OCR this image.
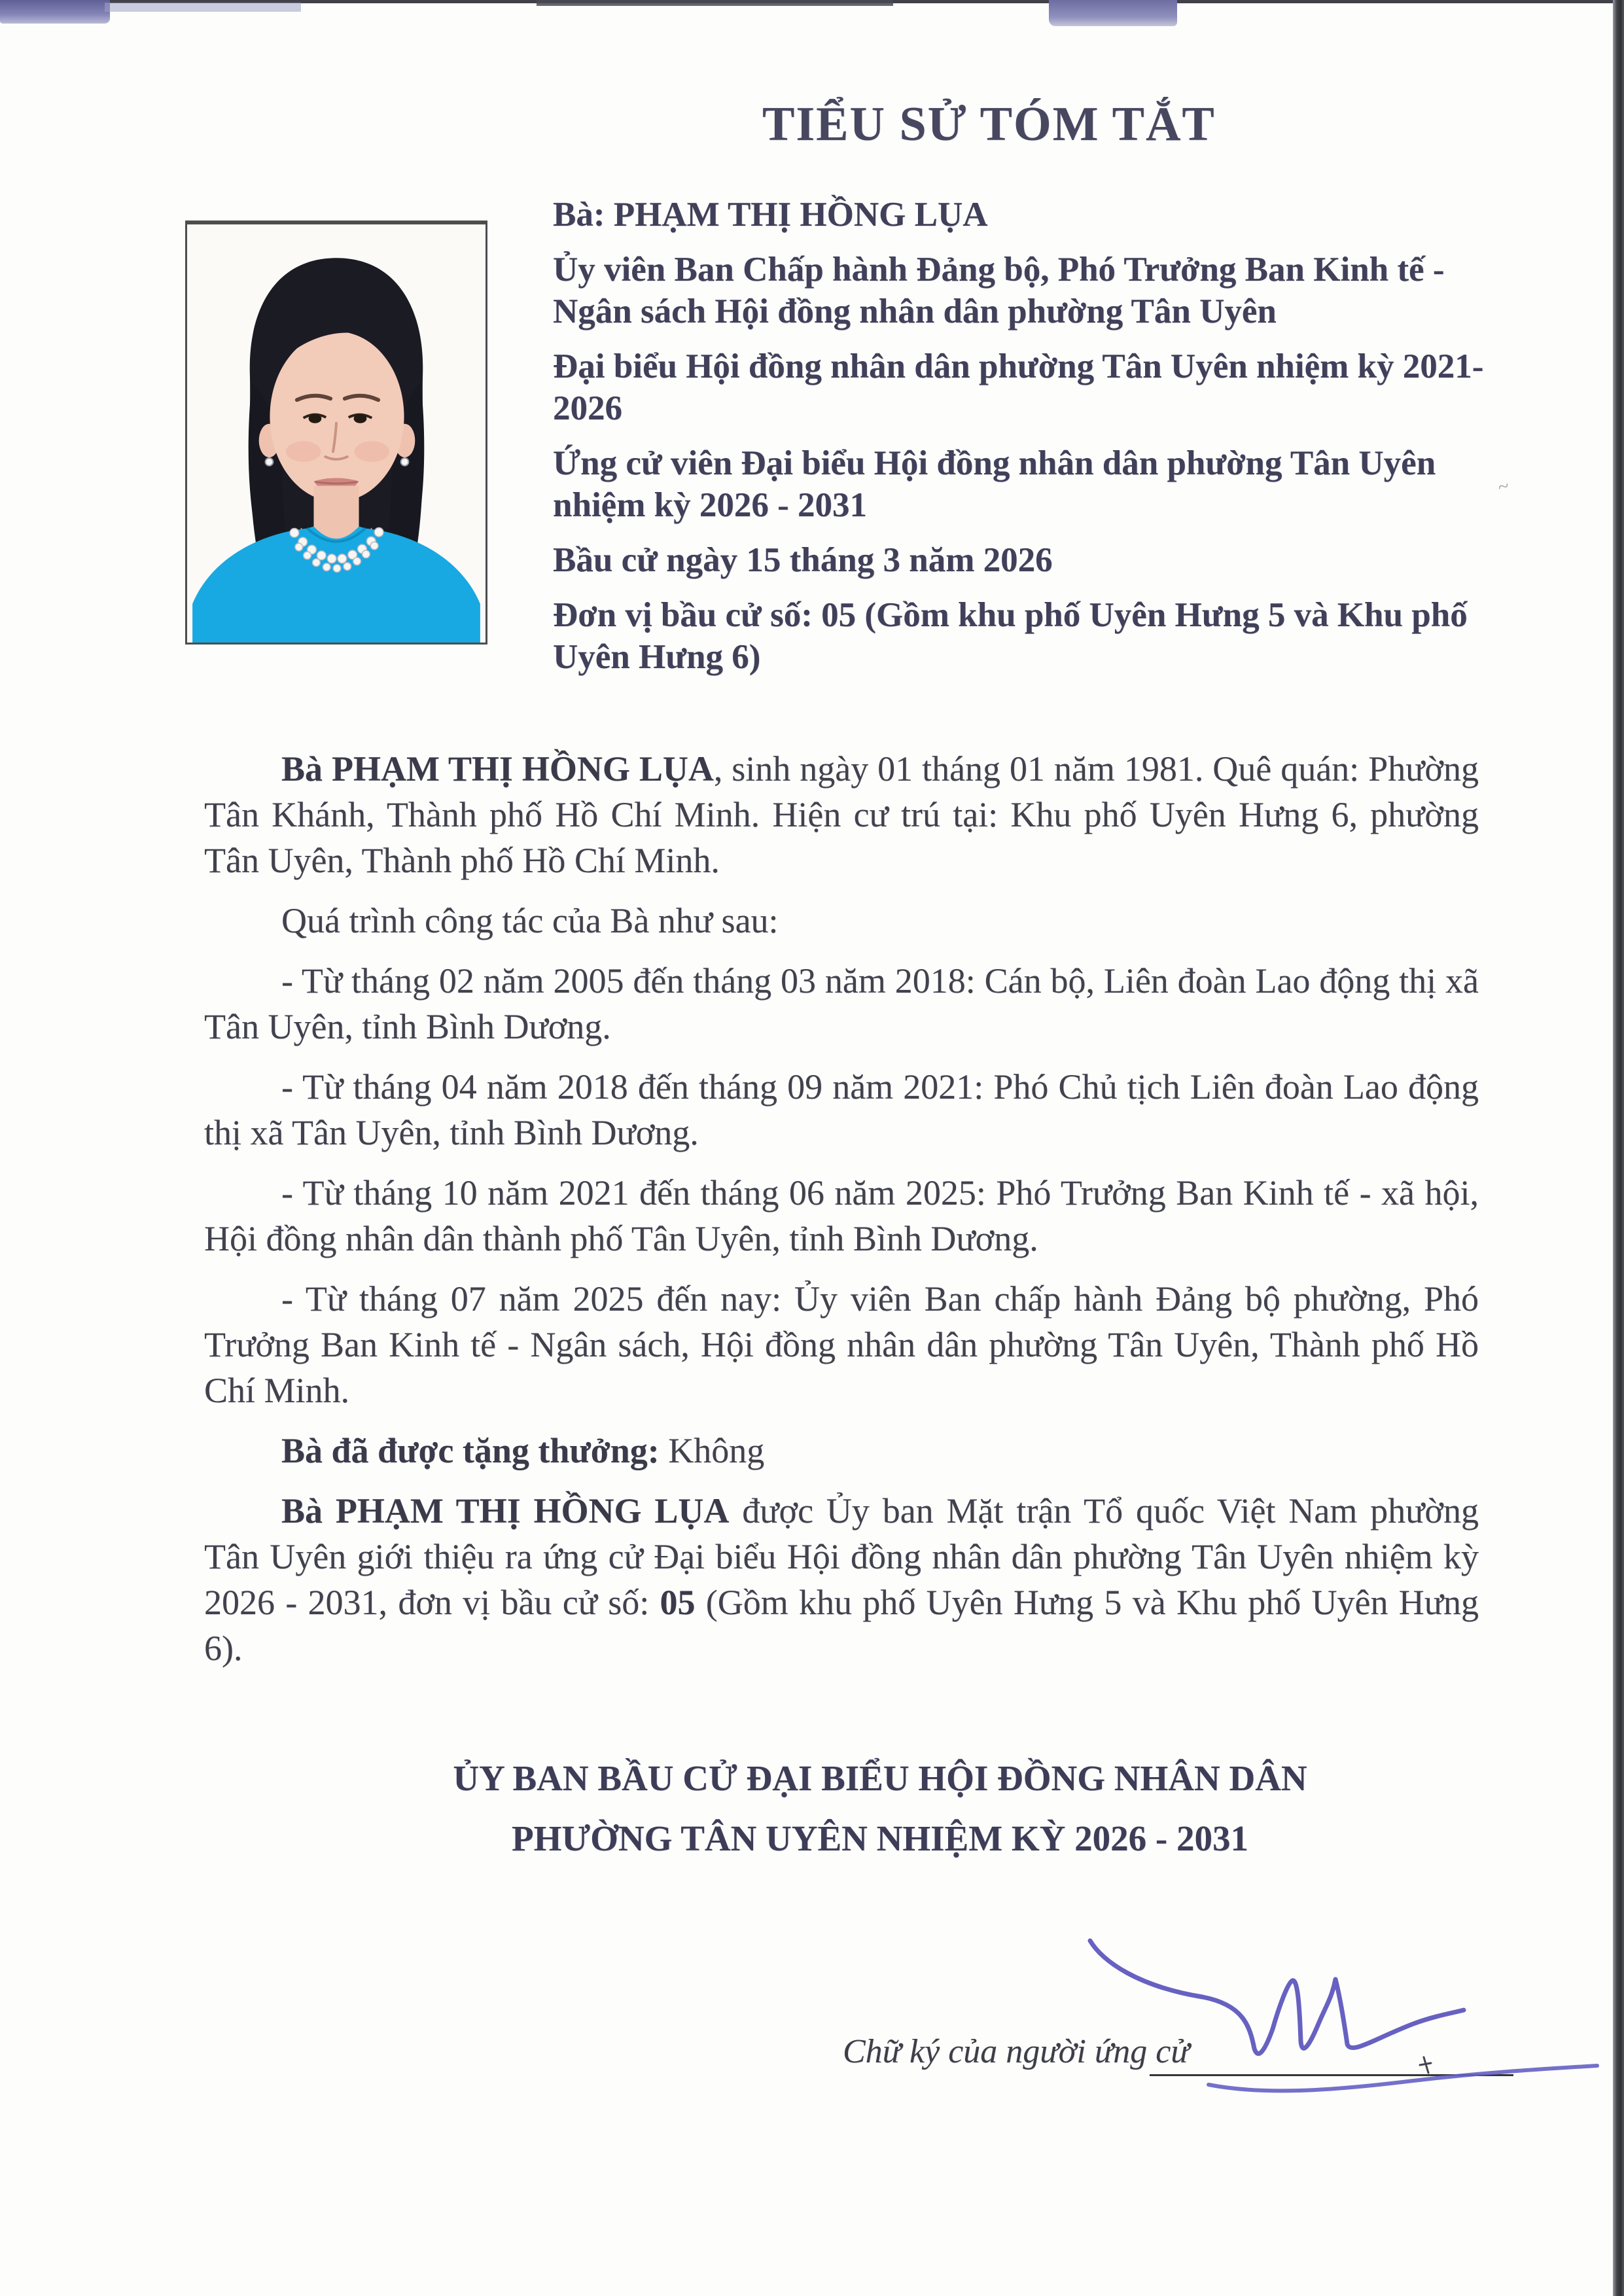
~
TIỂU SỬ TÓM TẮT

Bà: PHẠM THỊ HỒNG LỤA

Ủy viên Ban Chấp hành Đảng bộ, Phó Trưởng Ban Kinh tế - Ngân sách Hội đồng nhân dân phường Tân Uyên

Đại biểu Hội đồng nhân dân phường Tân Uyên nhiệm kỳ 2021-2026

Ứng cử viên Đại biểu Hội đồng nhân dân phường Tân Uyên nhiệm kỳ 2026 - 2031

Bầu cử ngày 15 tháng 3 năm 2026

Đơn vị bầu cử số: 05 (Gồm khu phố Uyên Hưng 5 và Khu phố Uyên Hưng 6)

Bà PHẠM THỊ HỒNG LỤA, sinh ngày 01 tháng 01 năm 1981. Quê quán: Phường Tân Khánh, Thành phố Hồ Chí Minh. Hiện cư trú tại: Khu phố Uyên Hưng 6, phường Tân Uyên, Thành phố Hồ Chí Minh.

Quá trình công tác của Bà như sau:

- Từ tháng 02 năm 2005 đến tháng 03 năm 2018: Cán bộ, Liên đoàn Lao động thị xã Tân Uyên, tỉnh Bình Dương.

- Từ tháng 04 năm 2018 đến tháng 09 năm 2021: Phó Chủ tịch Liên đoàn Lao động thị xã Tân Uyên, tỉnh Bình Dương.

- Từ tháng 10 năm 2021 đến tháng 06 năm 2025: Phó Trưởng Ban Kinh tế - xã hội, Hội đồng nhân dân thành phố Tân Uyên, tỉnh Bình Dương.

- Từ tháng 07 năm 2025 đến nay: Ủy viên Ban chấp hành Đảng bộ phường, Phó Trưởng Ban Kinh tế - Ngân sách, Hội đồng nhân dân phường Tân Uyên, Thành phố Hồ Chí Minh.

Bà đã được tặng thưởng: Không

Bà PHẠM THỊ HỒNG LỤA được Ủy ban Mặt trận Tổ quốc Việt Nam phường Tân Uyên giới thiệu ra ứng cử Đại biểu Hội đồng nhân dân phường Tân Uyên nhiệm kỳ 2026 - 2031, đơn vị bầu cử số: 05 (Gồm khu phố Uyên Hưng 5 và Khu phố Uyên Hưng 6).

ỦY BAN BẦU CỬ ĐẠI BIỂU HỘI ĐỒNG NHÂN DÂN

PHƯỜNG TÂN UYÊN NHIỆM KỲ 2026 - 2031

Chữ ký của người ứng cử
